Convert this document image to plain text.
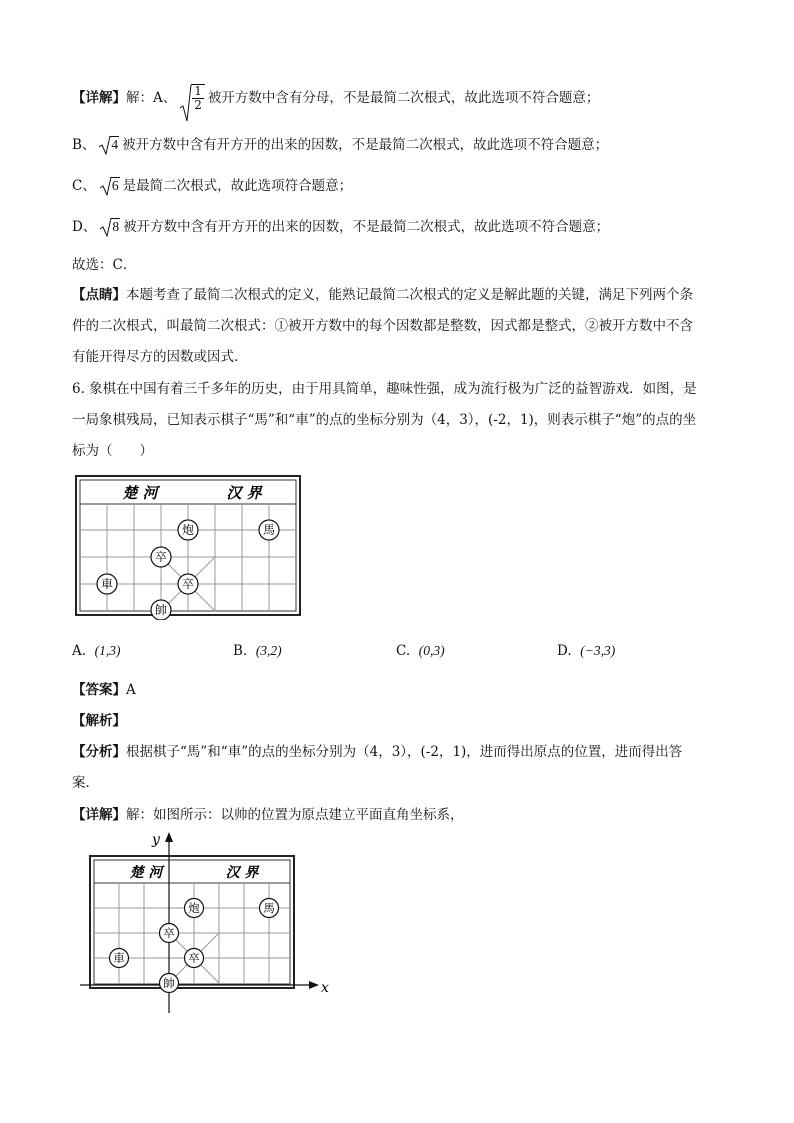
【详解】解：A、 $\frac{1}{2}$ 被开方数中含有分母，不是最简二次根式，故此选项不符合题意；
B、 4 被开方数中含有开方开的出来的因数，不是最简二次根式，故此选项不符合题意；
C、 6 是最简二次根式，故此选项符合题意；
D、 8 被开方数中含有开方开的出来的因数，不是最简二次根式，故此选项不符合题意；
故选：C．
【点睛】本题考查了最简二次根式的定义，能熟记最简二次根式的定义是解此题的关键，满足下列两个条
件的二次根式，叫最简二次根式：①被开方数中的每个因数都是整数，因式都是整式，②被开方数中不含
有能开得尽方的因数或因式．
6. 象棋在中国有着三千多年的历史，由于用具简单，趣味性强，成为流行极为广泛的益智游戏．如图，是
一局象棋残局，已知表示棋子“馬”和“車”的点的坐标分别为（4，3），(-2，1)，则表示棋子“炮”的点的坐
标为（　　）
楚 河	汉 界
炮	馬
卒
卒
車
帥
A. (1,3)	B. (3,2)	C. (0,3)	D. (−3,3)
【答案】A
【解析】
【分析】根据棋子“馬”和“車”的点的坐标分别为（4，3），(-2，1)，进而得出原点的位置，进而得出答
案．
【详解】解：如图所示：以帅的位置为原点建立平面直角坐标系，
楚 河	汉 界
y
x
炮	馬
卒
卒
車
帥
